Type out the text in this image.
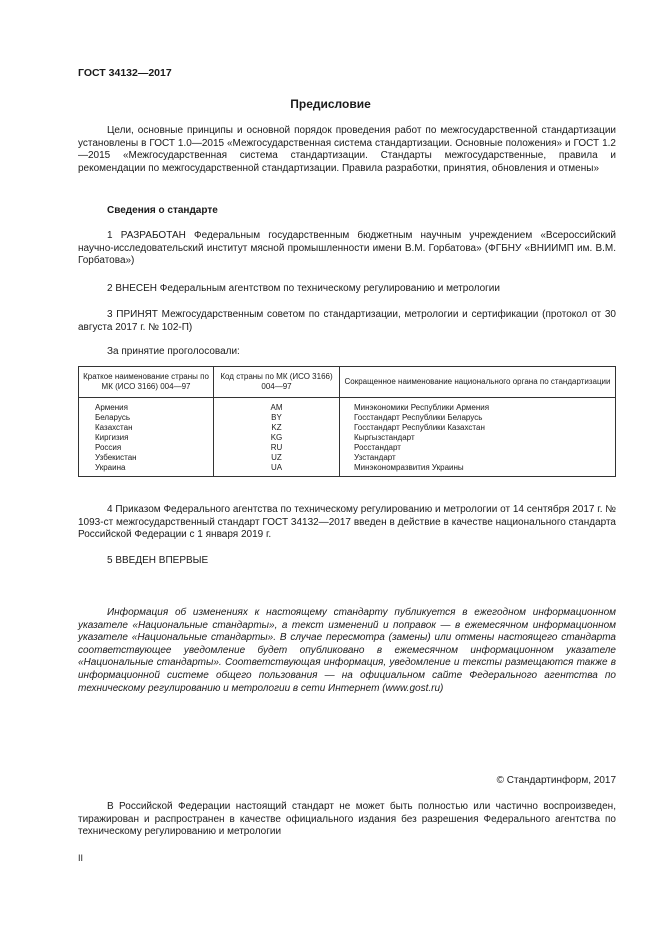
ГОСТ 34132—2017
Предисловие

Цели, основные принципы и основной порядок проведения работ по межгосударственной стандартизации установлены в ГОСТ 1.0—2015 «Межгосударственная система стандартизации. Основные положения» и ГОСТ 1.2—2015 «Межгосударственная система стандартизации. Стандарты межгосударственные, правила и рекомендации по межгосударственной стандартизации. Правила разработки, принятия, обновления и отмены»

Сведения о стандарте

1 РАЗРАБОТАН Федеральным государственным бюджетным научным учреждением «Всероссийский научно-исследовательский институт мясной промышленности имени В.М. Горбатова» (ФГБНУ «ВНИИМП им. В.М. Горбатова»)

2 ВНЕСЕН Федеральным агентством по техническому регулированию и метрологии

3 ПРИНЯТ Межгосударственным советом по стандартизации, метрологии и сертификации (протокол от 30 августа 2017 г. № 102-П)

За принятие проголосовали:
Краткое наименование страны по МК (ИСО 3166) 004—97	Код страны по МК (ИСО 3166) 004—97	Сокращенное наименование национального органа по стандартизации
Армения	AM	Минэкономики Республики Армения
Беларусь	BY	Госстандарт Республики Беларусь
Казахстан	KZ	Госстандарт Республики Казахстан
Киргизия	KG	Кыргызстандарт
Россия	RU	Росстандарт
Узбекистан	UZ	Узстандарт
Украина	UA	Минэкономразвития Украины

4 Приказом Федерального агентства по техническому регулированию и метрологии от 14 сентября 2017 г. № 1093-ст межгосударственный стандарт ГОСТ 34132—2017 введен в действие в качестве национального стандарта Российской Федерации с 1 января 2019 г.

5 ВВЕДЕН ВПЕРВЫЕ

Информация об изменениях к настоящему стандарту публикуется в ежегодном информационном указателе «Национальные стандарты», а текст изменений и поправок — в ежемесячном информационном указателе «Национальные стандарты». В случае пересмотра (замены) или отмены настоящего стандарта соответствующее уведомление будет опубликовано в ежемесячном информационном указателе «Национальные стандарты». Соответствующая информация, уведомление и тексты размещаются также в информационной системе общего пользования — на официальном сайте Федерального агентства по техническому регулированию и метрологии в сети Интернет (www.gost.ru)

© Стандартинформ, 2017

В Российской Федерации настоящий стандарт не может быть полностью или частично воспроизведен, тиражирован и распространен в качестве официального издания без разрешения Федерального агентства по техническому регулированию и метрологии

II
